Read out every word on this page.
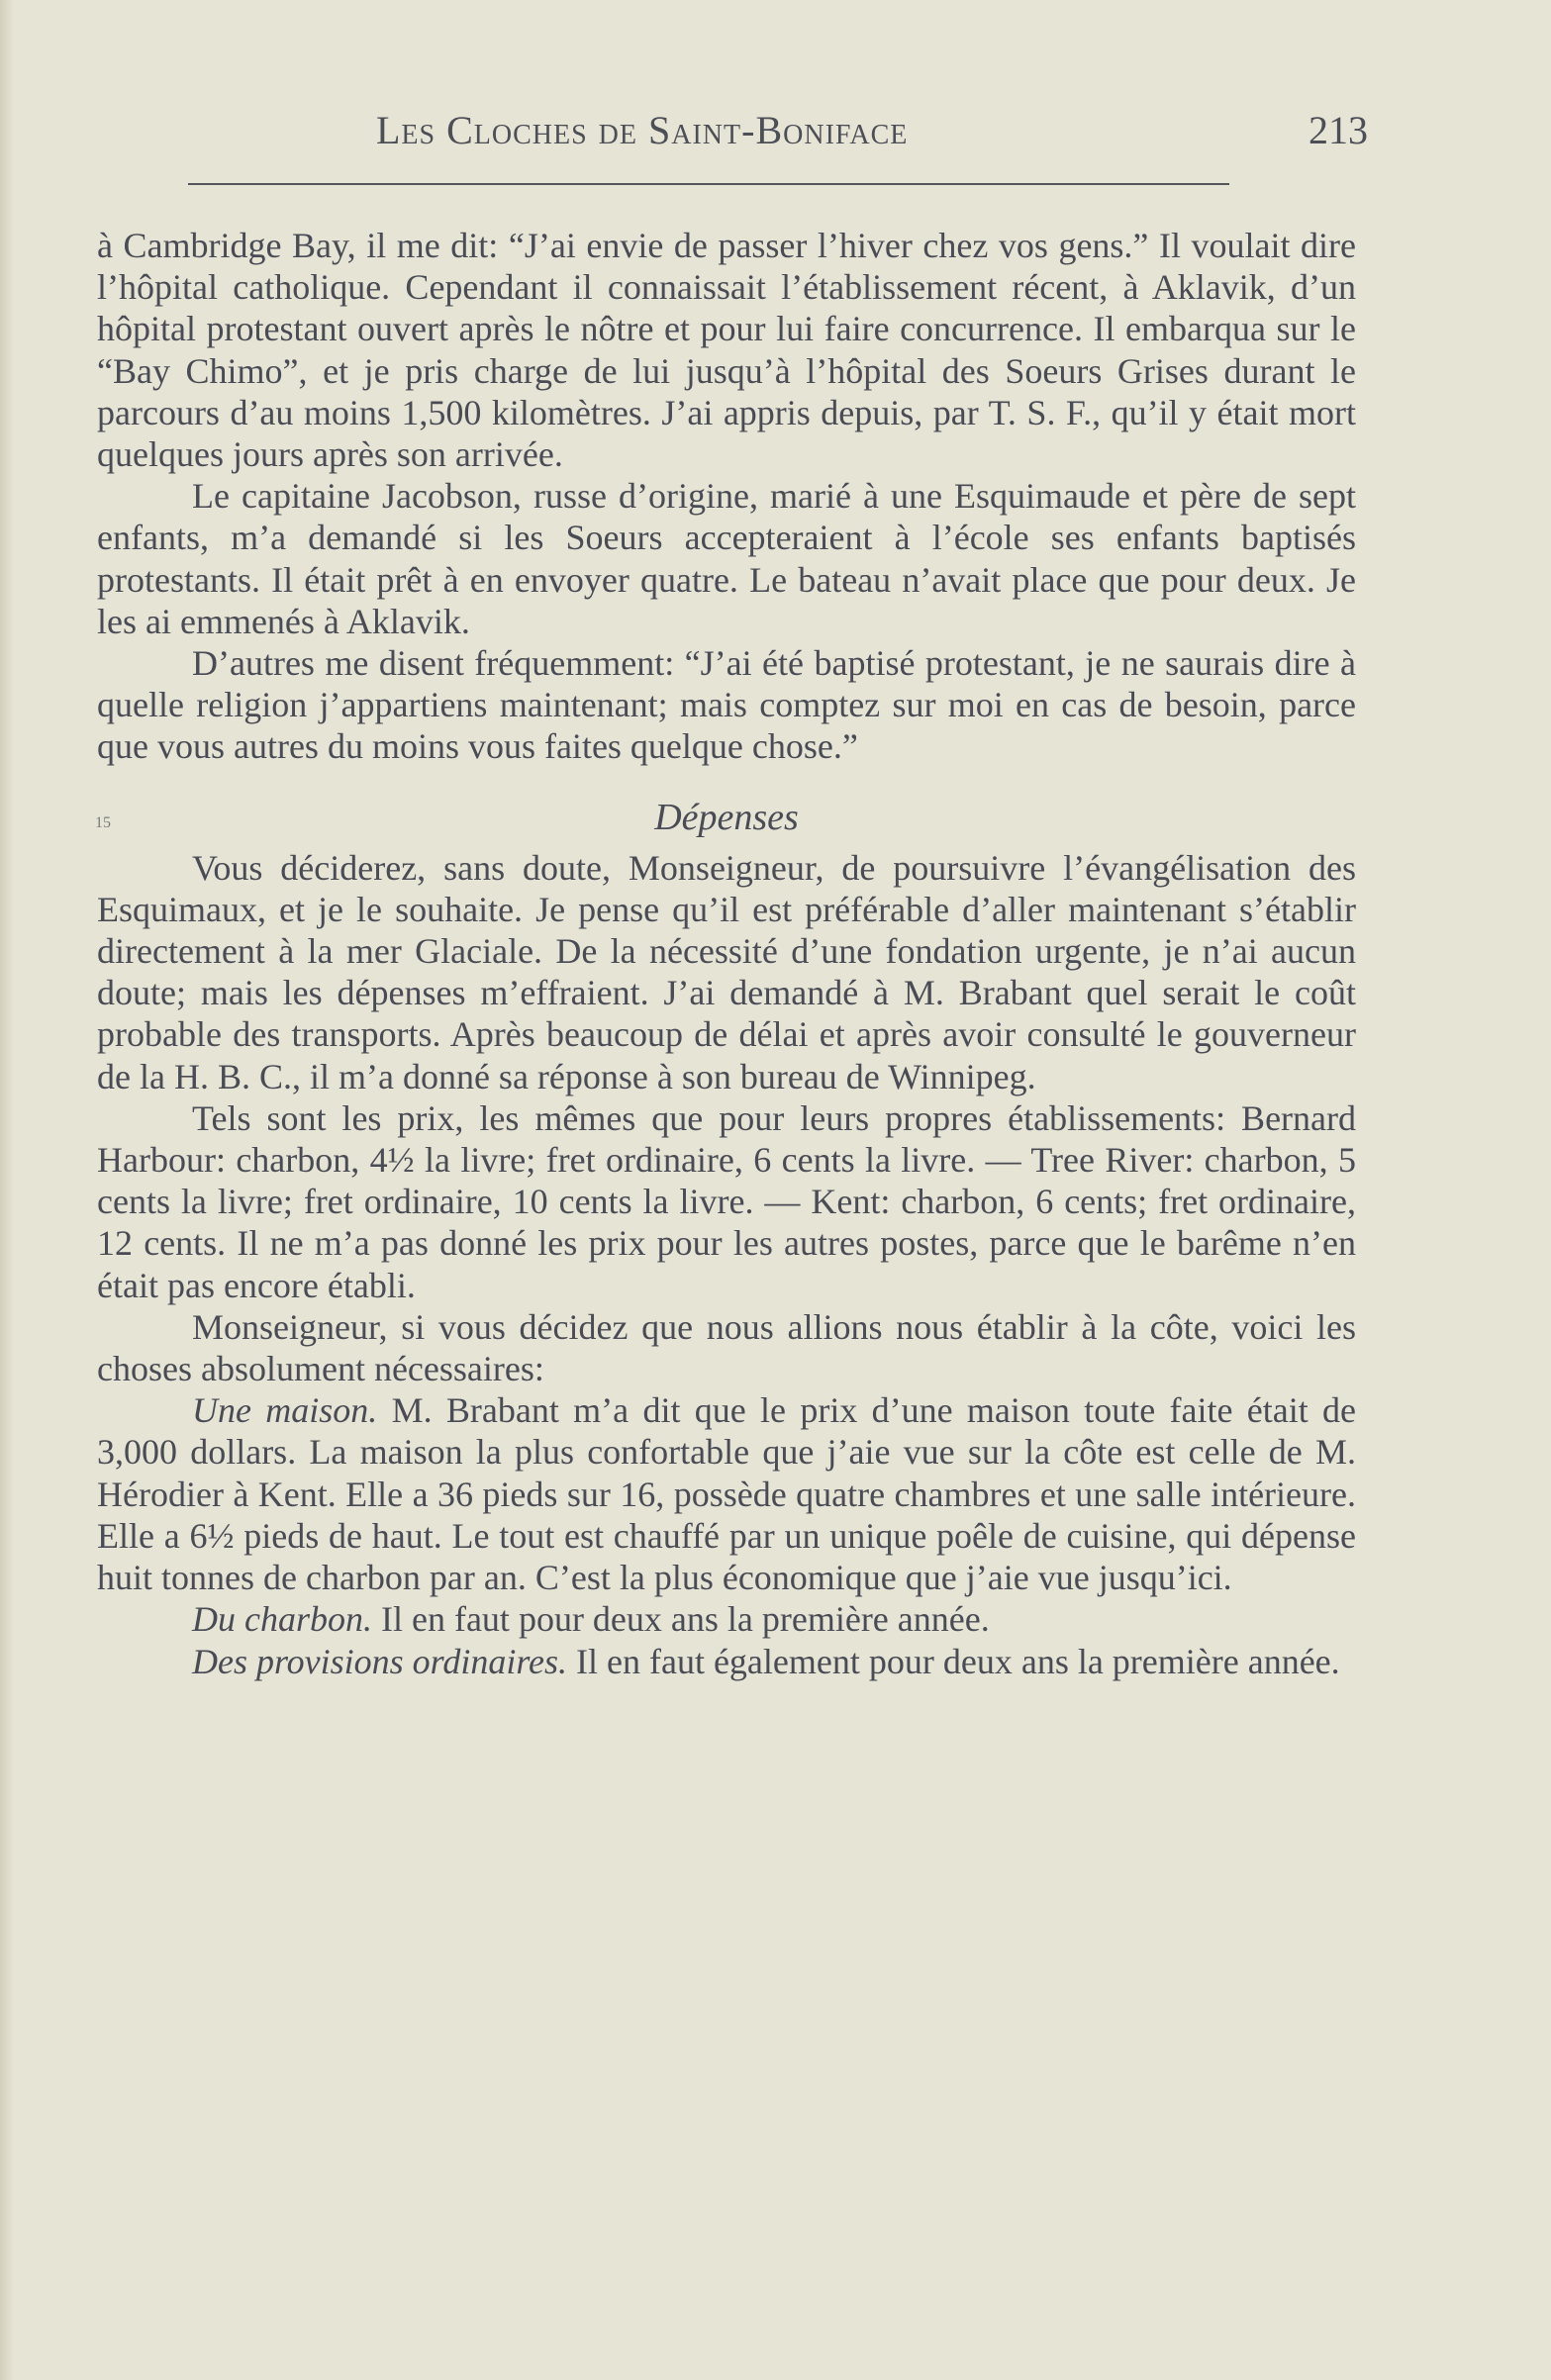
Les Cloches de Saint-Boniface	213

à Cambridge Bay, il me dit: “J’ai envie de passer l’hiver chez vos gens.” Il voulait dire l’hôpital catholique. Cependant il connaissait l’établissement récent, à Aklavik, d’un hôpital protestant ouvert après le nôtre et pour lui faire concurrence. Il embarqua sur le “Bay Chimo”, et je pris charge de lui jusqu’à l’hôpital des Soeurs Grises durant le parcours d’au moins 1,500 kilomètres. J’ai appris depuis, par T. S. F., qu’il y était mort quelques jours après son arrivée.

Le capitaine Jacobson, russe d’origine, marié à une Esquimaude et père de sept enfants, m’a demandé si les Soeurs accepteraient à l’école ses enfants baptisés protestants. Il était prêt à en envoyer quatre. Le bateau n’avait place que pour deux. Je les ai emmenés à Aklavik.

D’autres me disent fréquemment: “J’ai été baptisé protestant, je ne saurais dire à quelle religion j’appartiens maintenant; mais comptez sur moi en cas de besoin, parce que vous autres du moins vous faites quelque chose.”

15	Dépenses

Vous déciderez, sans doute, Monseigneur, de poursuivre l’évangélisation des Esquimaux, et je le souhaite. Je pense qu’il est préférable d’aller maintenant s’établir directement à la mer Glaciale. De la nécessité d’une fondation urgente, je n’ai aucun doute; mais les dépenses m’effraient. J’ai demandé à M. Brabant quel serait le coût probable des transports. Après beaucoup de délai et après avoir consulté le gouverneur de la H. B. C., il m’a donné sa réponse à son bureau de Winnipeg.

Tels sont les prix, les mêmes que pour leurs propres établissements: Bernard Harbour: charbon, 4½ la livre; fret ordinaire, 6 cents la livre. — Tree River: charbon, 5 cents la livre; fret ordinaire, 10 cents la livre. — Kent: charbon, 6 cents; fret ordinaire, 12 cents. Il ne m’a pas donné les prix pour les autres postes, parce que le barême n’en était pas encore établi.

Monseigneur, si vous décidez que nous allions nous établir à la côte, voici les choses absolument nécessaires:

Une maison. M. Brabant m’a dit que le prix d’une maison toute faite était de 3,000 dollars. La maison la plus confortable que j’aie vue sur la côte est celle de M. Hérodier à Kent. Elle a 36 pieds sur 16, possède quatre chambres et une salle intérieure. Elle a 6½ pieds de haut. Le tout est chauffé par un unique poêle de cuisine, qui dépense huit tonnes de charbon par an. C’est la plus économique que j’aie vue jusqu’ici.

Du charbon. Il en faut pour deux ans la première année.

Des provisions ordinaires. Il en faut également pour deux ans la première année.
